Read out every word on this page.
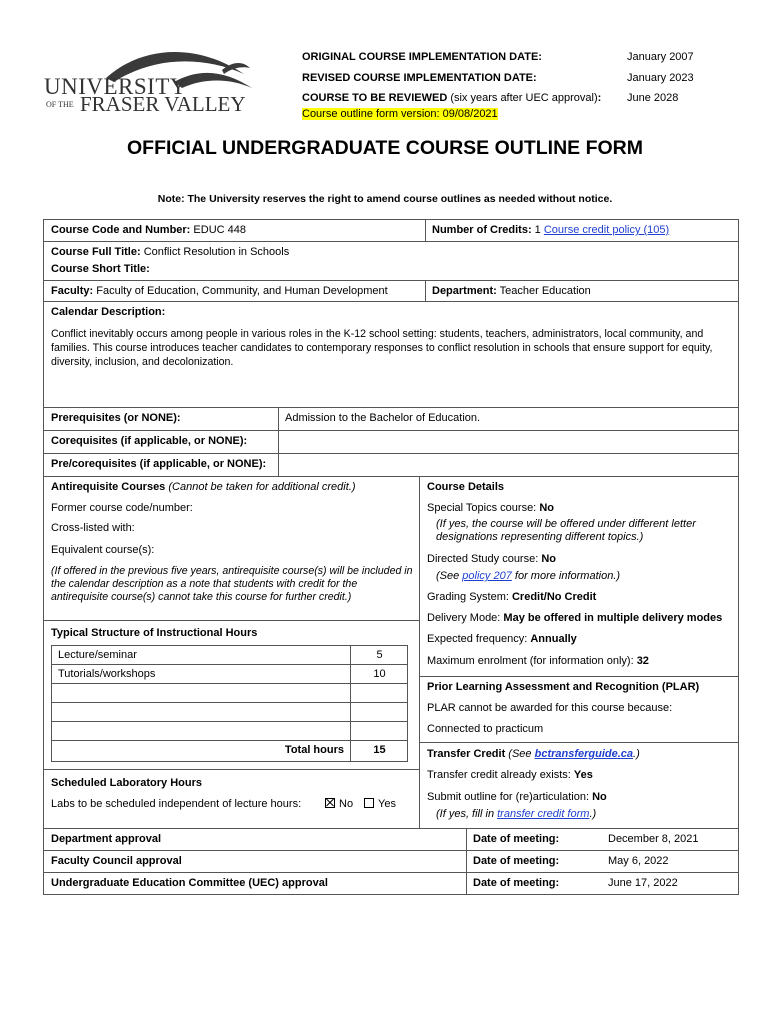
UNIVERSITY
OF THE FRASER VALLEY
ORIGINAL COURSE IMPLEMENTATION DATE:	January 2007
REVISED COURSE IMPLEMENTATION DATE:	January 2023
COURSE TO BE REVIEWED (six years after UEC approval): June 2028
Course outline form version: 09/08/2021
OFFICIAL UNDERGRADUATE COURSE OUTLINE FORM
Note: The University reserves the right to amend course outlines as needed without notice.
Course Code and Number: EDUC 448	Number of Credits: 1 Course credit policy (105)
Course Full Title: Conflict Resolution in Schools
Course Short Title:
Faculty: Faculty of Education, Community, and Human Development	Department: Teacher Education
Calendar Description:
Conflict inevitably occurs among people in various roles in the K-12 school setting: students, teachers, administrators, local community, and families. This course introduces teacher candidates to contemporary responses to conflict resolution in schools that ensure support for equity, diversity, inclusion, and decolonization.
Prerequisites (or NONE):	Admission to the Bachelor of Education.
Corequisites (if applicable, or NONE):
Pre/corequisites (if applicable, or NONE):
Antirequisite Courses (Cannot be taken for additional credit.)
Former course code/number:
Cross-listed with:
Equivalent course(s):
(If offered in the previous five years, antirequisite course(s) will be included in the calendar description as a note that students with credit for the antirequisite course(s) cannot take this course for further credit.)
Typical Structure of Instructional Hours
Lecture/seminar	5
Tutorials/workshops	10
Total hours	15
Scheduled Laboratory Hours
Labs to be scheduled independent of lecture hours:	No	Yes
Course Details
Special Topics course: No
(If yes, the course will be offered under different letter designations representing different topics.)
Directed Study course: No
(See policy 207 for more information.)
Grading System: Credit/No Credit
Delivery Mode: May be offered in multiple delivery modes
Expected frequency: Annually
Maximum enrolment (for information only): 32
Prior Learning Assessment and Recognition (PLAR)
PLAR cannot be awarded for this course because:
Connected to practicum
Transfer Credit (See bctransferguide.ca.)
Transfer credit already exists: Yes
Submit outline for (re)articulation: No
(If yes, fill in transfer credit form.)
Department approval	Date of meeting:	December 8, 2021
Faculty Council approval	Date of meeting:	May 6, 2022
Undergraduate Education Committee (UEC) approval	Date of meeting:	June 17, 2022
